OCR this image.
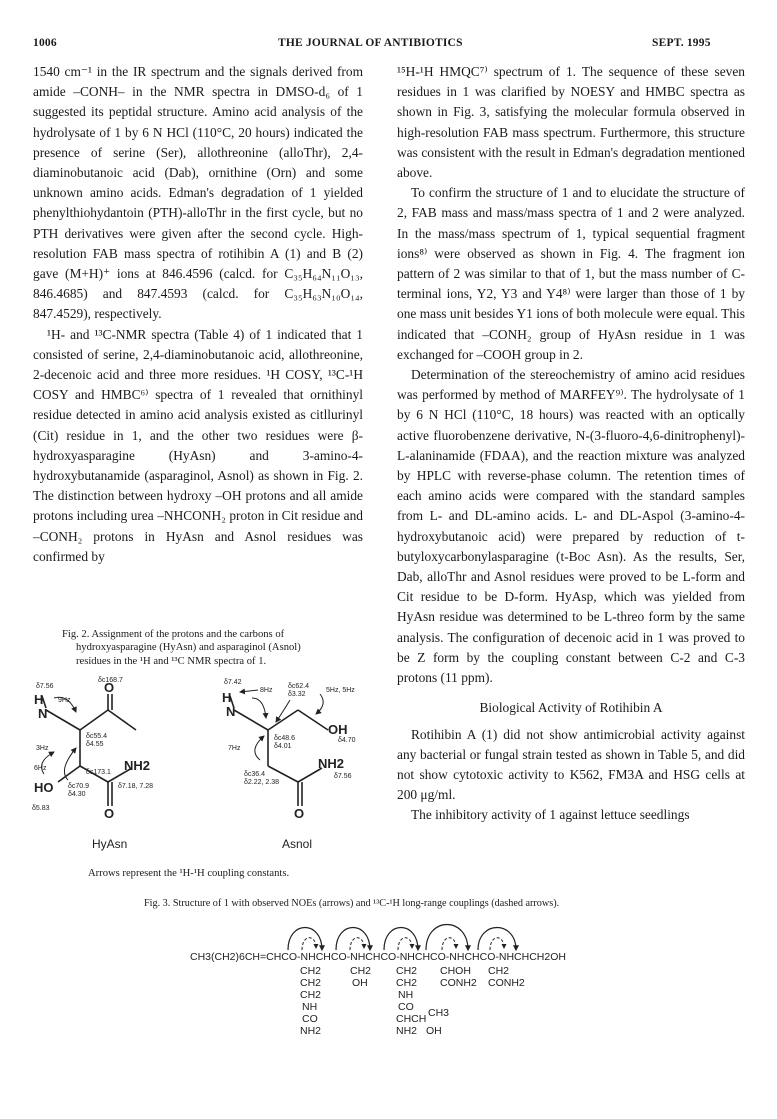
1006	THE JOURNAL OF ANTIBIOTICS	SEPT. 1995

1540 cm⁻¹ in the IR spectrum and the signals derived from amide –CONH– in the NMR spectra in DMSO-d₆ of 1 suggested its peptidal structure. Amino acid analysis of the hydrolysate of 1 by 6 N HCl (110°C, 20 hours) indicated the presence of serine (Ser), allothreonine (alloThr), 2,4-diaminobutanoic acid (Dab), ornithine (Orn) and some unknown amino acids. Edman's degradation of 1 yielded phenylthiohydantoin (PTH)-alloThr in the first cycle, but no PTH derivatives were given after the second cycle. High-resolution FAB mass spectra of rotihibin A (1) and B (2) gave (M+H)⁺ ions at 846.4596 (calcd. for C₃₅H₆₄N₁₁O₁₃, 846.4685) and 847.4593 (calcd. for C₃₅H₆₃N₁₀O₁₄, 847.4529), respectively.

¹H- and ¹³C-NMR spectra (Table 4) of 1 indicated that 1 consisted of serine, 2,4-diaminobutanoic acid, allothreonine, 2-decenoic acid and three more residues. ¹H COSY, ¹³C-¹H COSY and HMBC⁶⁾ spectra of 1 revealed that ornithinyl residue detected in amino acid analysis existed as citllurinyl (Cit) residue in 1, and the other two residues were β-hydroxyasparagine (HyAsn) and 3-amino-4-hydroxybutanamide (asparaginol, Asnol) as shown in Fig. 2. The distinction between hydroxy –OH protons and all amide protons including urea –NHCONH₂ proton in Cit residue and –CONH₂ protons in HyAsn and Asnol residues was confirmed by

¹⁵H-¹H HMQC⁷⁾ spectrum of 1. The sequence of these seven residues in 1 was clarified by NOESY and HMBC spectra as shown in Fig. 3, satisfying the molecular formula observed in high-resolution FAB mass spectrum. Furthermore, this structure was consistent with the result in Edman's degradation mentioned above.

To confirm the structure of 1 and to elucidate the structure of 2, FAB mass and mass/mass spectra of 1 and 2 were analyzed. In the mass/mass spectrum of 1, typical sequential fragment ions⁸⁾ were observed as shown in Fig. 4. The fragment ion pattern of 2 was similar to that of 1, but the mass number of C-terminal ions, Y2, Y3 and Y4⁸⁾ were larger than those of 1 by one mass unit besides Y1 ions of both molecule were equal. This indicated that –CONH₂ group of HyAsn residue in 1 was exchanged for –COOH group in 2.

Determination of the stereochemistry of amino acid residues was performed by method of MARFEY⁹⁾. The hydrolysate of 1 by 6 N HCl (110°C, 18 hours) was reacted with an optically active fluorobenzene derivative, N-(3-fluoro-4,6-dinitrophenyl)-L-alaninamide (FDAA), and the reaction mixture was analyzed by HPLC with reverse-phase column. The retention times of each amino acids were compared with the standard samples from L- and DL-amino acids. L- and DL-Aspol (3-amino-4-hydroxybutanoic acid) were prepared by reduction of t-butyloxycarbonylasparagine (t-Boc Asn). As the results, Ser, Dab, alloThr and Asnol residues were proved to be L-form and Cit residue to be D-form. HyAsp, which was yielded from HyAsn residue was determined to be L-threo form by the same analysis. The configuration of decenoic acid in 1 was proved to be Z form by the coupling constant between C-2 and C-3 protons (11 ppm).

Biological Activity of Rotihibin A

Rotihibin A (1) did not show antimicrobial activity against any bacterial or fungal strain tested as shown in Table 5, and did not show cytotoxic activity to K562, FM3A and HSG cells at 200 μg/ml.

The inhibitory activity of 1 against lettuce seedlings

Fig. 2. Assignment of the protons and the carbons of
hydroxyasparagine (HyAsn) and asparaginol (Asnol)
residues in the ¹H and ¹³C NMR spectra of 1.
δ7.56
δc168.7
9Hz
δc55.4
δ4.55
3Hz
6Hz
δc70.9
δ4.30
δ5.83
δc173.1
δ7.18, 7.28
H
N
O
HO
NH2
O
δ7.42
8Hz
δc62.4
δ3.32
5Hz, 5Hz
δc48.6
δ4.01
δ4.70
7Hz
δc36.4
δ2.22, 2.38
δ7.56
H
N
OH
NH2
O
HyAsn	Asnol
Arrows represent the ¹H-¹H coupling constants.
Fig. 3. Structure of 1 with observed NOEs (arrows) and ¹³C-¹H long-range couplings (dashed arrows).
CH3(CH2)6CH=CHCO-NHCHCO-NHCHCO-NHCHCO-NHCHCO-NHCHCH2OH
CH2
CH2
CH2
NH
CO
NH2
CH2
OH
CH2
CH2
NH
CO
CHCH
NH2
CH3
OH
CHOH
CONH2
CH2
CONH2
